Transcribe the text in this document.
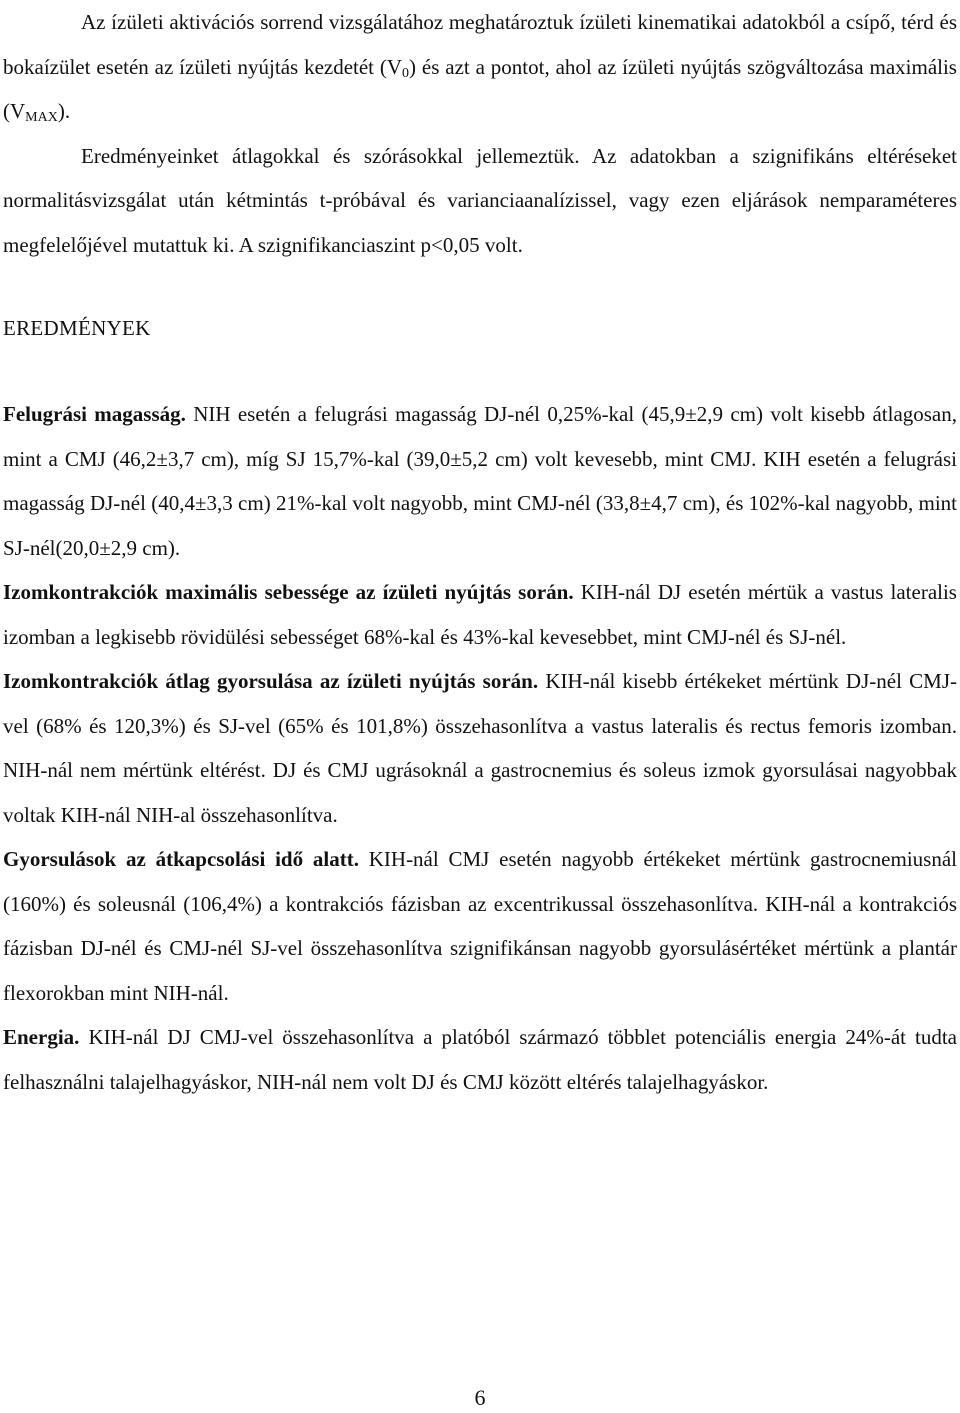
Az ízületi aktivációs sorrend vizsgálatához meghatároztuk ízületi kinematikai adatokból a csípő, térd és bokaízület esetén az ízületi nyújtás kezdetét $(V_0)$ és azt a pontot, ahol az ízületi nyújtás szögváltozása maximális $(V_{MAX})$.

Eredményeinket átlagokkal és szórásokkal jellemeztük. Az adatokban a szignifikáns eltéréseket normalitásvizsgálat után kétmintás t-próbával és varianciaanalízissel, vagy ezen eljárások nemparaméteres megfelelőjével mutattuk ki. A szignifikanciaszint p<0,05 volt.

EREDMÉNYEK

Felugrási magasság. NIH esetén a felugrási magasság DJ-nél 0,25%-kal (45,9±2,9 cm) volt kisebb átlagosan, mint a CMJ (46,2±3,7 cm), míg SJ 15,7%-kal (39,0±5,2 cm) volt kevesebb, mint CMJ. KIH esetén a felugrási magasság DJ-nél (40,4±3,3 cm) 21%-kal volt nagyobb, mint CMJ-nél (33,8±4,7 cm), és 102%-kal nagyobb, mint SJ-nél(20,0±2,9 cm).

Izomkontrakciók maximális sebessége az ízületi nyújtás során. KIH-nál DJ esetén mértük a vastus lateralis izomban a legkisebb rövidülési sebességet 68%-kal és 43%-kal kevesebbet, mint CMJ-nél és SJ-nél.

Izomkontrakciók átlag gyorsulása az ízületi nyújtás során. KIH-nál kisebb értékeket mértünk DJ-nél CMJ-vel (68% és 120,3%) és SJ-vel (65% és 101,8%) összehasonlítva a vastus lateralis és rectus femoris izomban. NIH-nál nem mértünk eltérést. DJ és CMJ ugrásoknál a gastrocnemius és soleus izmok gyorsulásai nagyobbak voltak KIH-nál NIH-al összehasonlítva.

Gyorsulások az átkapcsolási idő alatt. KIH-nál CMJ esetén nagyobb értékeket mértünk gastrocnemiusnál (160%) és soleusnál (106,4%) a kontrakciós fázisban az excentrikussal összehasonlítva. KIH-nál a kontrakciós fázisban DJ-nél és CMJ-nél SJ-vel összehasonlítva szignifikánsan nagyobb gyorsulásértéket mértünk a plantár flexorokban mint NIH-nál.

Energia. KIH-nál DJ CMJ-vel összehasonlítva a platóból származó többlet potenciális energia 24%-át tudta felhasználni talajelhagyáskor, NIH-nál nem volt DJ és CMJ között eltérés talajelhagyáskor.

6
